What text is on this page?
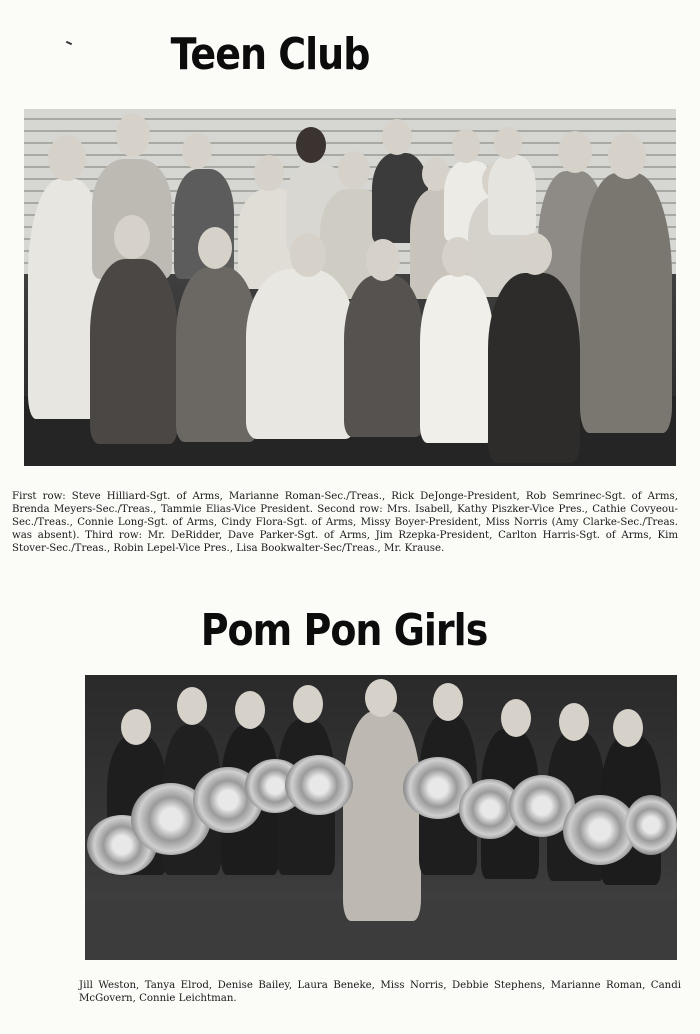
Teen Club
First row: Steve Hilliard-Sgt. of Arms, Marianne Roman-Sec./Treas., Rick DeJonge-President, Rob Semrinec-Sgt. of Arms, Brenda Meyers-Sec./Treas., Tammie Elias-Vice President. Second row: Mrs. Isabell, Kathy Piszker-Vice Pres., Cathie Covyeou-Sec./Treas., Connie Long-Sgt. of Arms, Cindy Flora-Sgt. of Arms, Missy Boyer-President, Miss Norris (Amy Clarke-Sec./Treas. was absent). Third row: Mr. DeRidder, Dave Parker-Sgt. of Arms, Jim Rzepka-President, Carlton Harris-Sgt. of Arms, Kim Stover-Sec./Treas., Robin Lepel-Vice Pres., Lisa Bookwalter-Sec/Treas., Mr. Krause.
Pom Pon Girls
Jill Weston, Tanya Elrod, Denise Bailey, Laura Beneke, Miss Norris, Debbie Stephens, Marianne Roman, Candi McGovern, Connie Leichtman.
